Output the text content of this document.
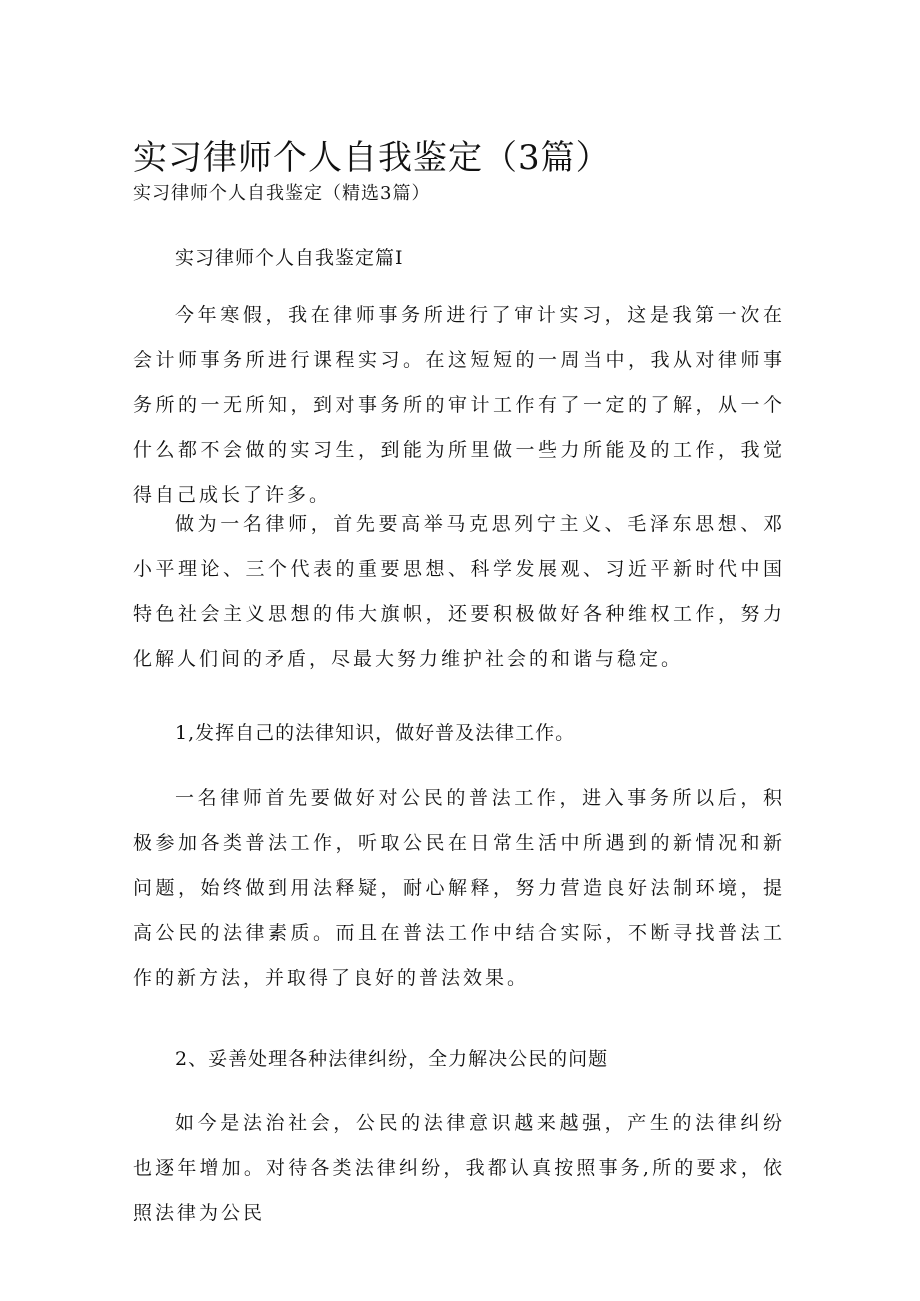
实习律师个人自我鉴定（3篇）
实习律师个人自我鉴定（精选3篇）
实习律师个人自我鉴定篇I

今年寒假，我在律师事务所进行了审计实习，这是我第一次在会计师事务所进行课程实习。在这短短的一周当中，我从对律师事务所的一无所知，到对事务所的审计工作有了一定的了解，从一个什么都不会做的实习生，到能为所里做一些力所能及的工作，我觉得自己成长了许多。

做为一名律师，首先要高举马克思列宁主义、毛泽东思想、邓小平理论、三个代表的重要思想、科学发展观、习近平新时代中国特色社会主义思想的伟大旗帜，还要积极做好各种维权工作，努力化解人们间的矛盾，尽最大努力维护社会的和谐与稳定。

1,发挥自己的法律知识，做好普及法律工作。

一名律师首先要做好对公民的普法工作，进入事务所以后，积极参加各类普法工作，听取公民在日常生活中所遇到的新情况和新问题，始终做到用法释疑，耐心解释，努力营造良好法制环境，提高公民的法律素质。而且在普法工作中结合实际，不断寻找普法工作的新方法，并取得了良好的普法效果。

2、妥善处理各种法律纠纷，全力解决公民的问题

如今是法治社会，公民的法律意识越来越强，产生的法律纠纷也逐年增加。对待各类法律纠纷，我都认真按照事务,所的要求，依照法律为公民
